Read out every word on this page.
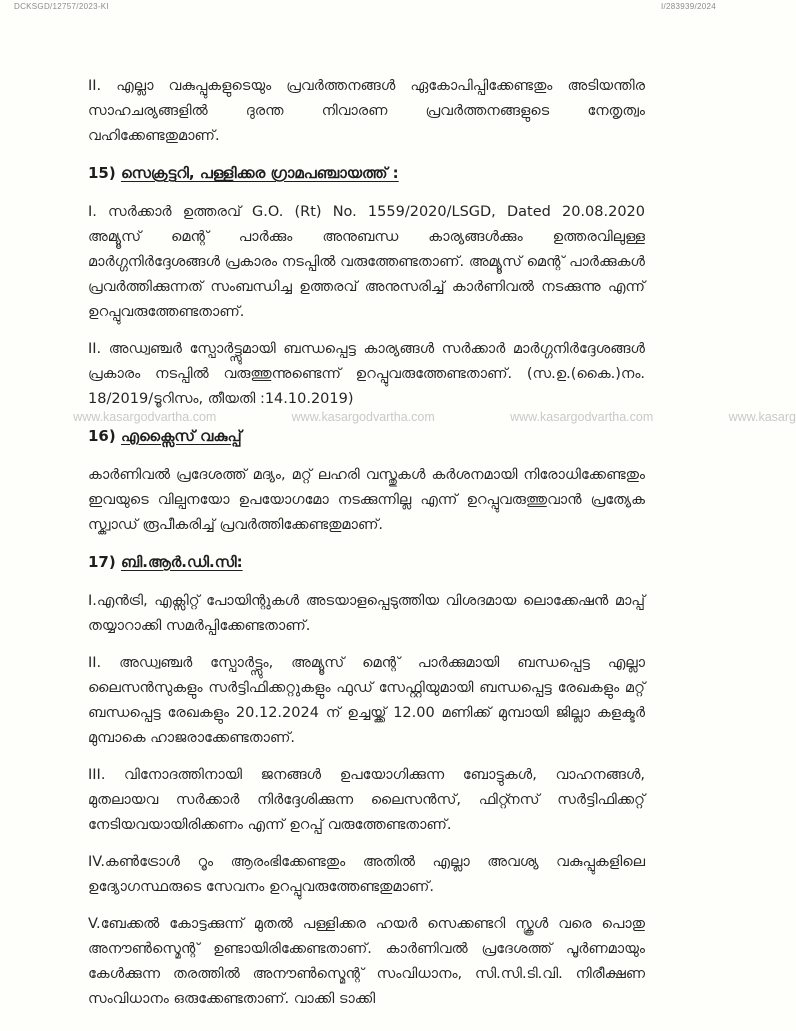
DCKSGD/12757/2023-KI	I/283939/2024
www.kasargodvartha.com	www.kasargodvartha.com	www.kasargodvartha.com	www.kasarg

II. എല്ലാ വകുപ്പുകളുടെയും പ്രവർത്തനങ്ങൾ ഏകോപിപ്പിക്കേണ്ടതും അടിയന്തിര സാഹചര്യങ്ങളിൽ ദുരന്ത നിവാരണ പ്രവർത്തനങ്ങളുടെ നേതൃത്വം വഹിക്കേണ്ടതുമാണ്.

15) സെക്രട്ടറി, പള്ളിക്കര ഗ്രാമപഞ്ചായത്ത് :

I. സർക്കാർ ഉത്തരവ് G.O. (Rt) No. 1559/2020/LSGD, Dated 20.08.2020 അമ്യൂസ് മെന്റ് പാർക്കും അനുബന്ധ കാര്യങ്ങൾക്കും ഉത്തരവിലുള്ള മാർഗ്ഗനിർദ്ദേശങ്ങൾ പ്രകാരം നടപ്പിൽ വരുത്തേണ്ടതാണ്. അമ്യൂസ് മെന്റ് പാർക്കുകൾ പ്രവർത്തിക്കുന്നത് സംബന്ധിച്ച ഉത്തരവ് അനുസരിച്ച് കാർണിവൽ നടക്കുന്നു എന്ന് ഉറപ്പുവരുത്തേണ്ടതാണ്.

II. അഡ്വഞ്ചർ സ്പോർട്ട്സുമായി ബന്ധപ്പെട്ട കാര്യങ്ങൾ സർക്കാർ മാർഗ്ഗനിർദ്ദേശങ്ങൾ പ്രകാരം നടപ്പിൽ വരുത്തുന്നുണ്ടെന്ന് ഉറപ്പുവരുത്തേണ്ടതാണ്. (സ.ഉ.(കൈ.)നം. 18/2019/ടൂറിസം, തീയതി :14.10.2019)

16) എക്സൈസ് വകുപ്പ്

കാർണിവൽ പ്രദേശത്ത് മദ്യം, മറ്റ് ലഹരി വസ്തുകൾ കർശനമായി നിരോധിക്കേണ്ടതും ഇവയുടെ വില്പനയോ ഉപയോഗമോ നടക്കുന്നില്ല എന്ന് ഉറപ്പുവരുത്തുവാൻ പ്രത്യേക സ്ക്വാഡ് രൂപീകരിച്ച് പ്രവർത്തിക്കേണ്ടതുമാണ്.

17) ബി.ആർ.ഡി.സി:

I.എൻട്രി, എക്സിറ്റ് പോയിന്റുകൾ അടയാളപ്പെടുത്തിയ വിശദമായ ലൊക്കേഷൻ മാപ്പ് തയ്യാറാക്കി സമർപ്പിക്കേണ്ടതാണ്.

II. അഡ്വഞ്ചർ സ്പോർട്ട്സും, അമ്യൂസ് മെന്റ് പാർക്കുമായി ബന്ധപ്പെട്ട എല്ലാ ലൈസൻസുകളും സർട്ടിഫിക്കറ്റുകളും ഫുഡ് സേഫ്റ്റിയുമായി ബന്ധപ്പെട്ട രേഖകളും മറ്റ് ബന്ധപ്പെട്ട രേഖകളും 20.12.2024 ന് ഉച്ചയ്ക്ക് 12.00 മണിക്ക് മുമ്പായി ജില്ലാ കളക്ടർ മുമ്പാകെ ഹാജരാക്കേണ്ടതാണ്.

III. വിനോദത്തിനായി ജനങ്ങൾ ഉപയോഗിക്കുന്ന ബോട്ടുകൾ, വാഹനങ്ങൾ, മുതലായവ സർക്കാർ നിർദ്ദേശിക്കുന്ന ലൈസൻസ്, ഫിറ്റ്നസ് സർട്ടിഫിക്കറ്റ് നേടിയവയായിരിക്കണം എന്ന് ഉറപ്പ് വരുത്തേണ്ടതാണ്.

IV.കൺട്രോൾ റൂം ആരംഭിക്കേണ്ടതും അതിൽ എല്ലാ അവശ്യ വകുപ്പുകളിലെ ഉദ്യോഗസ്ഥരുടെ സേവനം ഉറപ്പുവരുത്തേണ്ടതുമാണ്.

V.ബേക്കൽ കോട്ടക്കുന്ന് മുതൽ പള്ളിക്കര ഹയർ സെക്കണ്ടറി സ്കൂൾ വരെ പൊതു അനൗൺസ്മെന്റ് ഉണ്ടായിരിക്കേണ്ടതാണ്. കാർണിവൽ പ്രദേശത്ത് പൂർണമായും കേൾക്കുന്ന തരത്തിൽ അനൗൺസ്മെന്റ് സംവിധാനം, സി.സി.ടി.വി. നിരീക്ഷണ സംവിധാനം ഒരുക്കേണ്ടതാണ്. വാക്കി ടാക്കി
